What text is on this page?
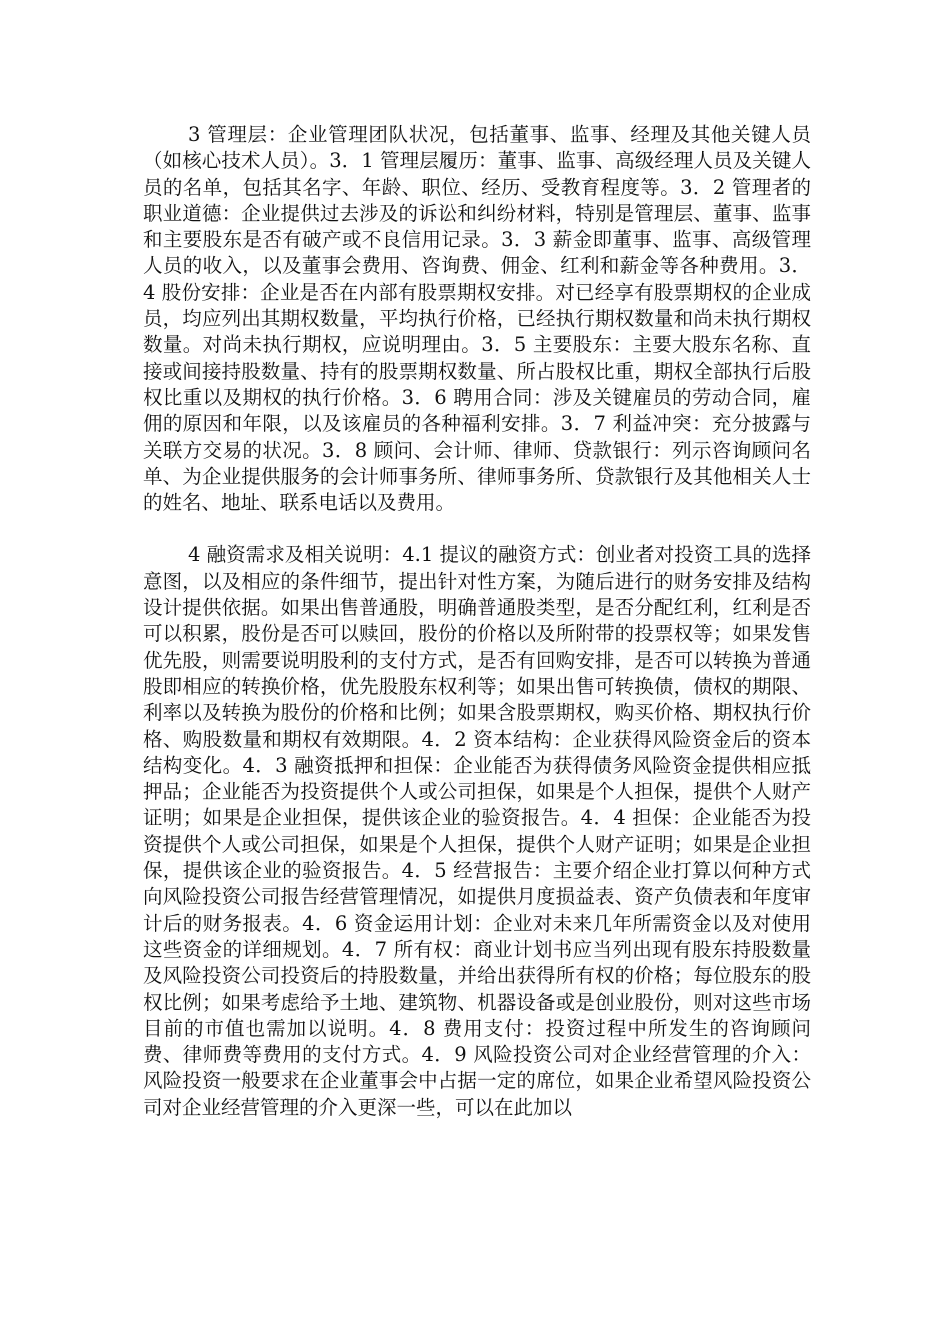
3 管理层：企业管理团队状况，包括董事、监事、经理及其他关键人员（如核心技术人员）。3．1 管理层履历：董事、监事、高级经理人员及关键人员的名单，包括其名字、年龄、职位、经历、受教育程度等。3．2 管理者的职业道德：企业提供过去涉及的诉讼和纠纷材料，特别是管理层、董事、监事和主要股东是否有破产或不良信用记录。3．3 薪金即董事、监事、高级管理人员的收入，以及董事会费用、咨询费、佣金、红利和薪金等各种费用。3．4 股份安排：企业是否在内部有股票期权安排。对已经享有股票期权的企业成员，均应列出其期权数量，平均执行价格，已经执行期权数量和尚未执行期权数量。对尚未执行期权，应说明理由。3．5 主要股东：主要大股东名称、直接或间接持股数量、持有的股票期权数量、所占股权比重，期权全部执行后股权比重以及期权的执行价格。3．6 聘用合同：涉及关键雇员的劳动合同，雇佣的原因和年限，以及该雇员的各种福利安排。3．7 利益冲突：充分披露与关联方交易的状况。3．8 顾问、会计师、律师、贷款银行：列示咨询顾问名单、为企业提供服务的会计师事务所、律师事务所、贷款银行及其他相关人士的姓名、地址、联系电话以及费用。

4 融资需求及相关说明：4.1 提议的融资方式：创业者对投资工具的选择意图，以及相应的条件细节，提出针对性方案，为随后进行的财务安排及结构设计提供依据。如果出售普通股，明确普通股类型，是否分配红利，红利是否可以积累，股份是否可以赎回，股份的价格以及所附带的投票权等；如果发售优先股，则需要说明股利的支付方式，是否有回购安排，是否可以转换为普通股即相应的转换价格，优先股股东权利等；如果出售可转换债，债权的期限、利率以及转换为股份的价格和比例；如果含股票期权，购买价格、期权执行价格、购股数量和期权有效期限。4．2 资本结构：企业获得风险资金后的资本结构变化。4．3 融资抵押和担保：企业能否为获得债务风险资金提供相应抵押品；企业能否为投资提供个人或公司担保，如果是个人担保，提供个人财产证明；如果是企业担保，提供该企业的验资报告。4．4 担保：企业能否为投资提供个人或公司担保，如果是个人担保，提供个人财产证明；如果是企业担保，提供该企业的验资报告。4．5 经营报告：主要介绍企业打算以何种方式向风险投资公司报告经营管理情况，如提供月度损益表、资产负债表和年度审计后的财务报表。4．6 资金运用计划：企业对未来几年所需资金以及对使用这些资金的详细规划。4．7 所有权：商业计划书应当列出现有股东持股数量及风险投资公司投资后的持股数量，并给出获得所有权的价格；每位股东的股权比例；如果考虑给予土地、建筑物、机器设备或是创业股份，则对这些市场目前的市值也需加以说明。4．8 费用支付：投资过程中所发生的咨询顾问费、律师费等费用的支付方式。4．9 风险投资公司对企业经营管理的介入：风险投资一般要求在企业董事会中占据一定的席位，如果企业希望风险投资公司对企业经营管理的介入更深一些，可以在此加以
